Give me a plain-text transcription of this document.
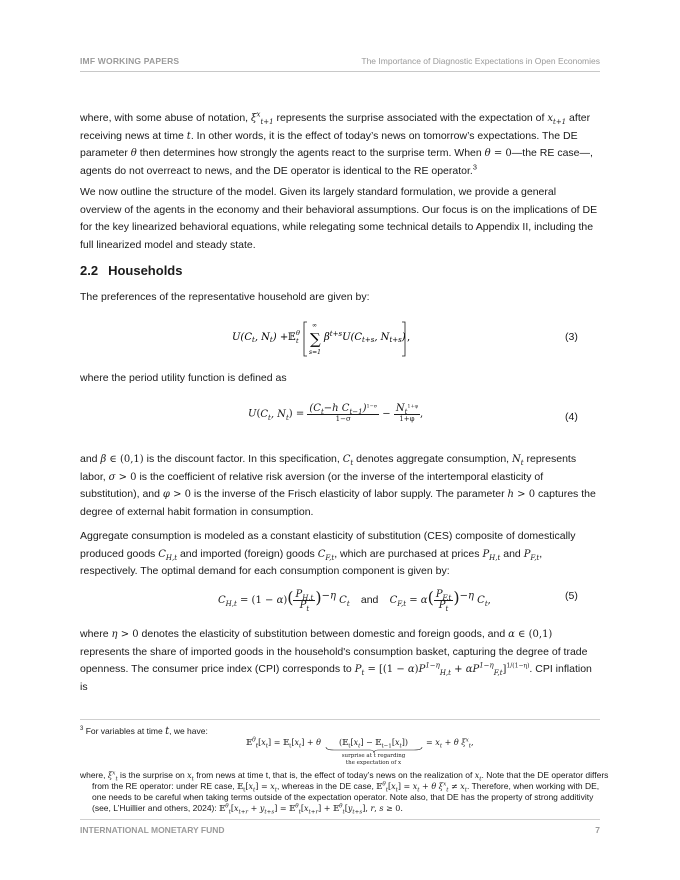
IMF WORKING PAPERS	The Importance of Diagnostic Expectations in Open Economies
where, with some abuse of notation, $\xi^x_{t+1}$ represents the surprise associated with the expectation of $x_{t+1}$ after receiving news at time t. In other words, it is the effect of today’s news on tomorrow’s expectations. The DE parameter θ then determines how strongly the agents react to the surprise term. When θ = 0—the RE case—, agents do not overreact to news, and the DE operator is identical to the RE operator.$^3$
We now outline the structure of the model. Given its largely standard formulation, we provide a general overview of the agents in the economy and their behavioral assumptions. Our focus is on the implications of DE for the key linearized behavioral equations, while relegating some technical details to Appendix II, including the full linearized model and steady state.
2.2 Households
The preferences of the representative household are given by:
$U(C_t$, $N_t$) + 𝔼 θ
t
∞
∑
s=1
$\beta^{t+s}U(C_{t+s}$, $N_{t+s}$) ,	(3)
where the period utility function is defined as
$U(C_t$, $N_t) = \frac{(C_t-h C_{t-1})^{1-\sigma}}{1-\sigma} - \frac{N_t^{1+\varphi}}{1+\varphi}$ ,	(4)
and β ∈ (0,1) is the discount factor. In this specification, $C_t$ denotes aggregate consumption, $N_t$ represents labor, σ > 0 is the coefficient of relative risk aversion (or the inverse of the intertemporal elasticity of substitution), and φ > 0 is the inverse of the Frisch elasticity of labor supply. The parameter h > 0 captures the degree of external habit formation in consumption.
Aggregate consumption is modeled as a constant elasticity of substitution (CES) composite of domestically produced goods $C_{H,t}$ and imported (foreign) goods $C_{F,t}$, which are purchased at prices $P_{H,t}$ and $P_{F,t}$, respectively. The optimal demand for each consumption component is given by:
$C_{H,t} = (1 - \alpha)( \frac{P_{H,t}}{P_t} )^{-\eta}$ $C_t$ and $C_{F,t} = \alpha( \frac{P_{F,t}}{P_t} )^{-\eta}$ $C_t$,	(5)
where η > 0 denotes the elasticity of substitution between domestic and foreign goods, and α ∈ (0,1) represents the share of imported goods in the household's consumption basket, capturing the degree of trade openness. The consumer price index (CPI) corresponds to $P_t = [(1 - \alpha)P^{1-\eta}_{H,t} + \alpha P^{1-\eta}_{F,t}]^{1/(1-\eta)}$. CPI inflation is
$^3$ For variables at time t, we have:
$𝔼^\theta_t[x_t]$ = $𝔼_t[x_t] + \theta$	($𝔼_t[x_t]$ − $𝔼_{t-1}[x_t]$)
surprise at t regarding
the expectation of x
= $x_t + \theta$ $\xi^x_t$,
where, $\xi^x_t$ is the surprise on $x_t$ from news at time t, that is, the effect of today’s news on the realization of $x_t$. Note that the DE operator differs from the RE operator: under RE case, $𝔼_t[x_t] = x_t$, whereas in the DE case, $𝔼^\theta_t[x_t] = x_t + \theta$ $\xi^x_t \ne x_t$. Therefore, when working with DE, one needs to be careful when taking terms outside of the expectation operator. Note also, that DE has the property of strong additivity (see, L’Huillier and others, 2024): $𝔼^\theta_t[x_{t+r} + y_{t+s}]$ = $𝔼^\theta_t[x_{t+r}]$ + $𝔼^\theta_t[y_{t+s}]$, r, s ≥ 0.
INTERNATIONAL MONETARY FUND	7
